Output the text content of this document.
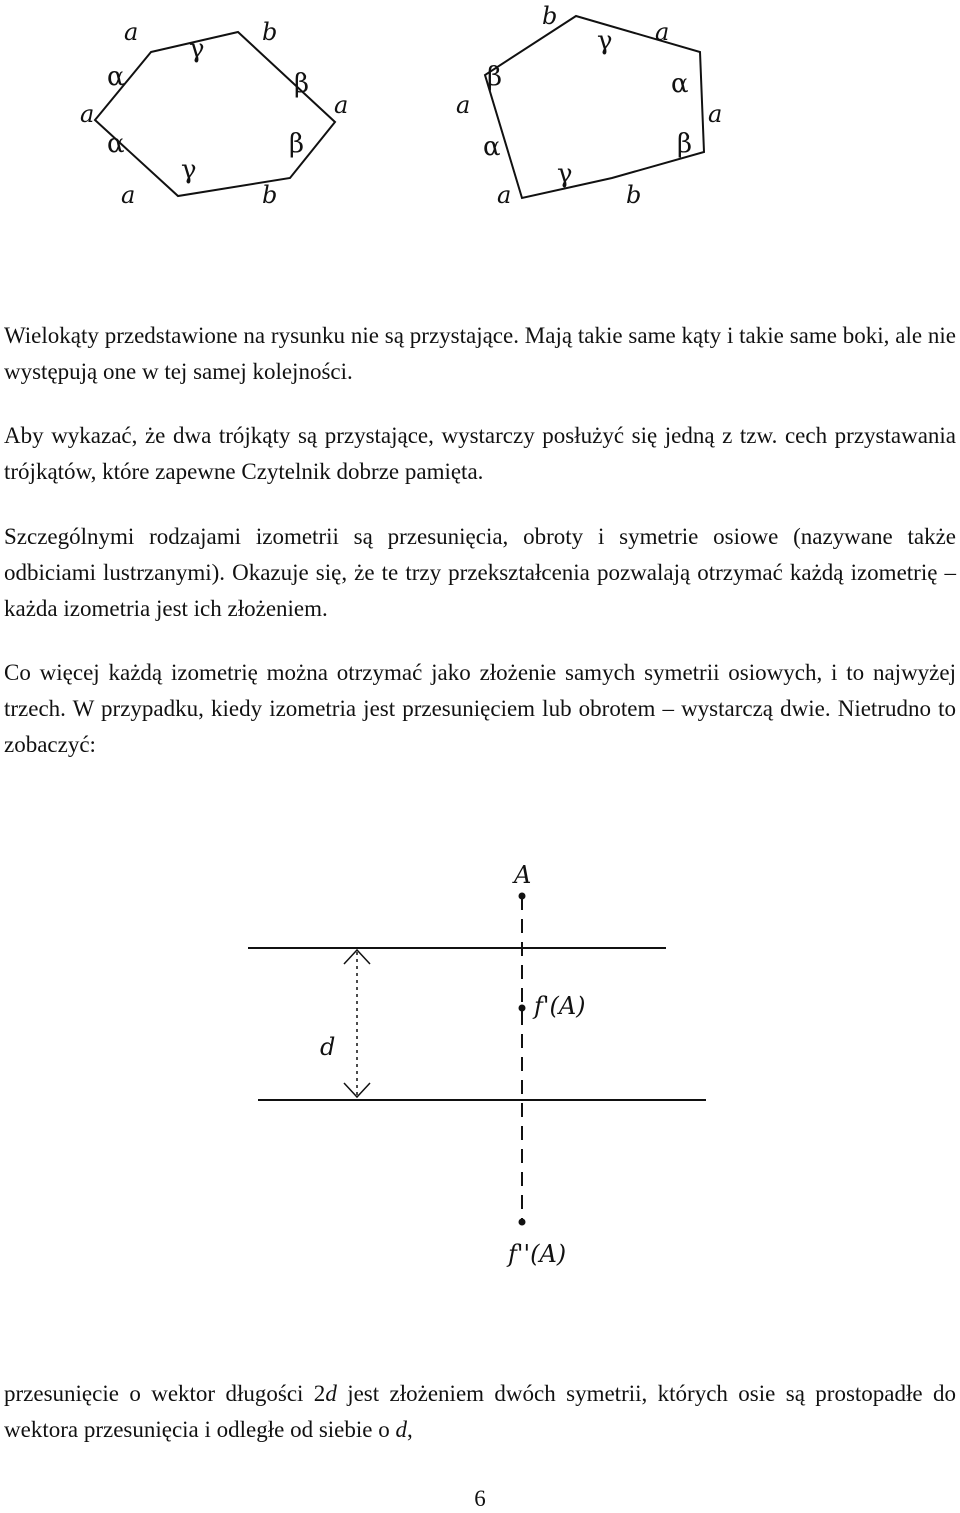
a	b
a
b
a
a
γ
β
β
γ
α
α
b
a
a
b
a
a
γ
α
β
γ
α
β

Wielokąty przedstawione na rysunku nie są przystające. Mają takie same kąty i takie same boki, ale nie występują one w tej samej kolejności.

Aby wykazać, że dwa trójkąty są przystające, wystarczy posłużyć się jedną z tzw. cech przystawania trójkątów, które zapewne Czytelnik dobrze pamięta.

Szczególnymi rodzajami izometrii są przesunięcia, obroty i symetrie osiowe (nazywane także odbiciami lustrzanymi). Okazuje się, że te trzy przekształcenia pozwalają otrzymać każdą izometrię – każda izometria jest ich złożeniem.

Co więcej każdą izometrię można otrzymać jako złożenie samych symetrii osiowych, i to najwyżej trzech. W przypadku, kiedy izometria jest przesunięciem lub obrotem – wystarczą dwie. Nietrudno to zobaczyć:

A
f'(A)
f''(A)
d

przesunięcie o wektor długości 2d jest złożeniem dwóch symetrii, których osie są prostopadłe do wektora przesunięcia i odległe od siebie o d,

6
